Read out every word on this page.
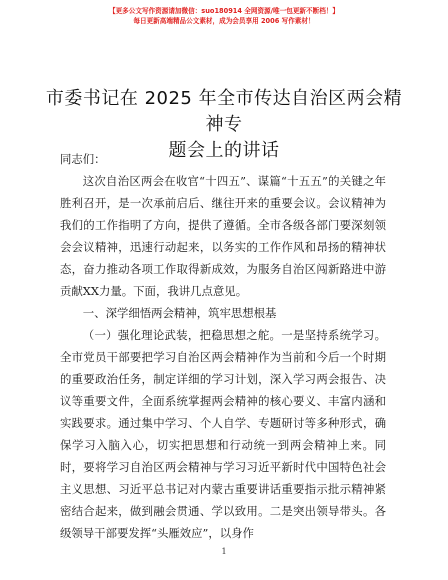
【更多公文写作资源请加微信：suo180914 全网资源/唯一包更新不断档！】
每日更新高端精品公文素材，成为会员享用 2006 写作素材！
市委书记在 2025 年全市传达自治区两会精神专
题会上的讲话

同志们：

这次自治区两会在收官“十四五”、谋篇“十五五”的关键之年胜利召开，是一次承前启后、继往开来的重要会议。会议精神为我们的工作指明了方向，提供了遵循。全市各级各部门要深刻领会会议精神，迅速行动起来，以务实的工作作风和昂扬的精神状态，奋力推动各项工作取得新成效，为服务自治区闯新路进中游贡献XX力量。下面，我讲几点意见。

一、深学细悟两会精神，筑牢思想根基

（一）强化理论武装，把稳思想之舵。一是坚持系统学习。全市党员干部要把学习自治区两会精神作为当前和今后一个时期的重要政治任务，制定详细的学习计划，深入学习两会报告、决议等重要文件，全面系统掌握两会精神的核心要义、丰富内涵和实践要求。通过集中学习、个人自学、专题研讨等多种形式，确保学习入脑入心，切实把思想和行动统一到两会精神上来。同时，要将学习自治区两会精神与学习习近平新时代中国特色社会主义思想、习近平总书记对内蒙古重要讲话重要指示批示精神紧密结合起来，做到融会贯通、学以致用。二是突出领导带头。各级领导干部要发挥“头雁效应”，以身作

1
